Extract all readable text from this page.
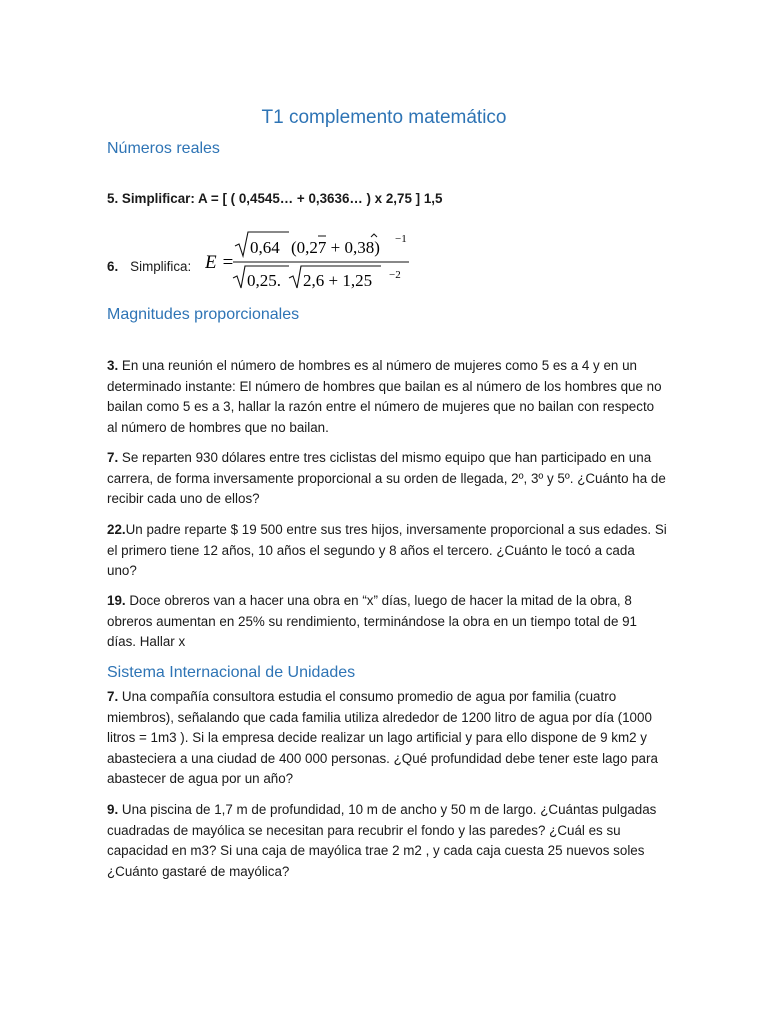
T1 complemento matemático
Números reales
5. Simplificar: A = [ ( 0,4545… + 0,3636… ) x 2,75 ] 1,5
6. Simplifica: E =
0,64 (0,27 + 0,38) −1
0,25. 2,6 + 1,25 −2
Magnitudes proporcionales
3. En una reunión el número de hombres es al número de mujeres como 5 es a 4 y en un determinado instante: El número de hombres que bailan es al número de los hombres que no bailan como 5 es a 3, hallar la razón entre el número de mujeres que no bailan con respecto al número de hombres que no bailan.
7. Se reparten 930 dólares entre tres ciclistas del mismo equipo que han participado en una carrera, de forma inversamente proporcional a su orden de llegada, 2º, 3º y 5º. ¿Cuánto ha de recibir cada uno de ellos?
22.Un padre reparte $ 19 500 entre sus tres hijos, inversamente proporcional a sus edades. Si el primero tiene 12 años, 10 años el segundo y 8 años el tercero. ¿Cuánto le tocó a cada uno?
19. Doce obreros van a hacer una obra en “x” días, luego de hacer la mitad de la obra, 8 obreros aumentan en 25% su rendimiento, terminándose la obra en un tiempo total de 91 días. Hallar x
Sistema Internacional de Unidades
7. Una compañía consultora estudia el consumo promedio de agua por familia (cuatro miembros), señalando que cada familia utiliza alrededor de 1200 litro de agua por día (1000 litros = 1m3 ). Si la empresa decide realizar un lago artificial y para ello dispone de 9 km2 y abasteciera a una ciudad de 400 000 personas. ¿Qué profundidad debe tener este lago para abastecer de agua por un año?
9. Una piscina de 1,7 m de profundidad, 10 m de ancho y 50 m de largo. ¿Cuántas pulgadas cuadradas de mayólica se necesitan para recubrir el fondo y las paredes? ¿Cuál es su capacidad en m3? Si una caja de mayólica trae 2 m2 , y cada caja cuesta 25 nuevos soles ¿Cuánto gastaré de mayólica?
